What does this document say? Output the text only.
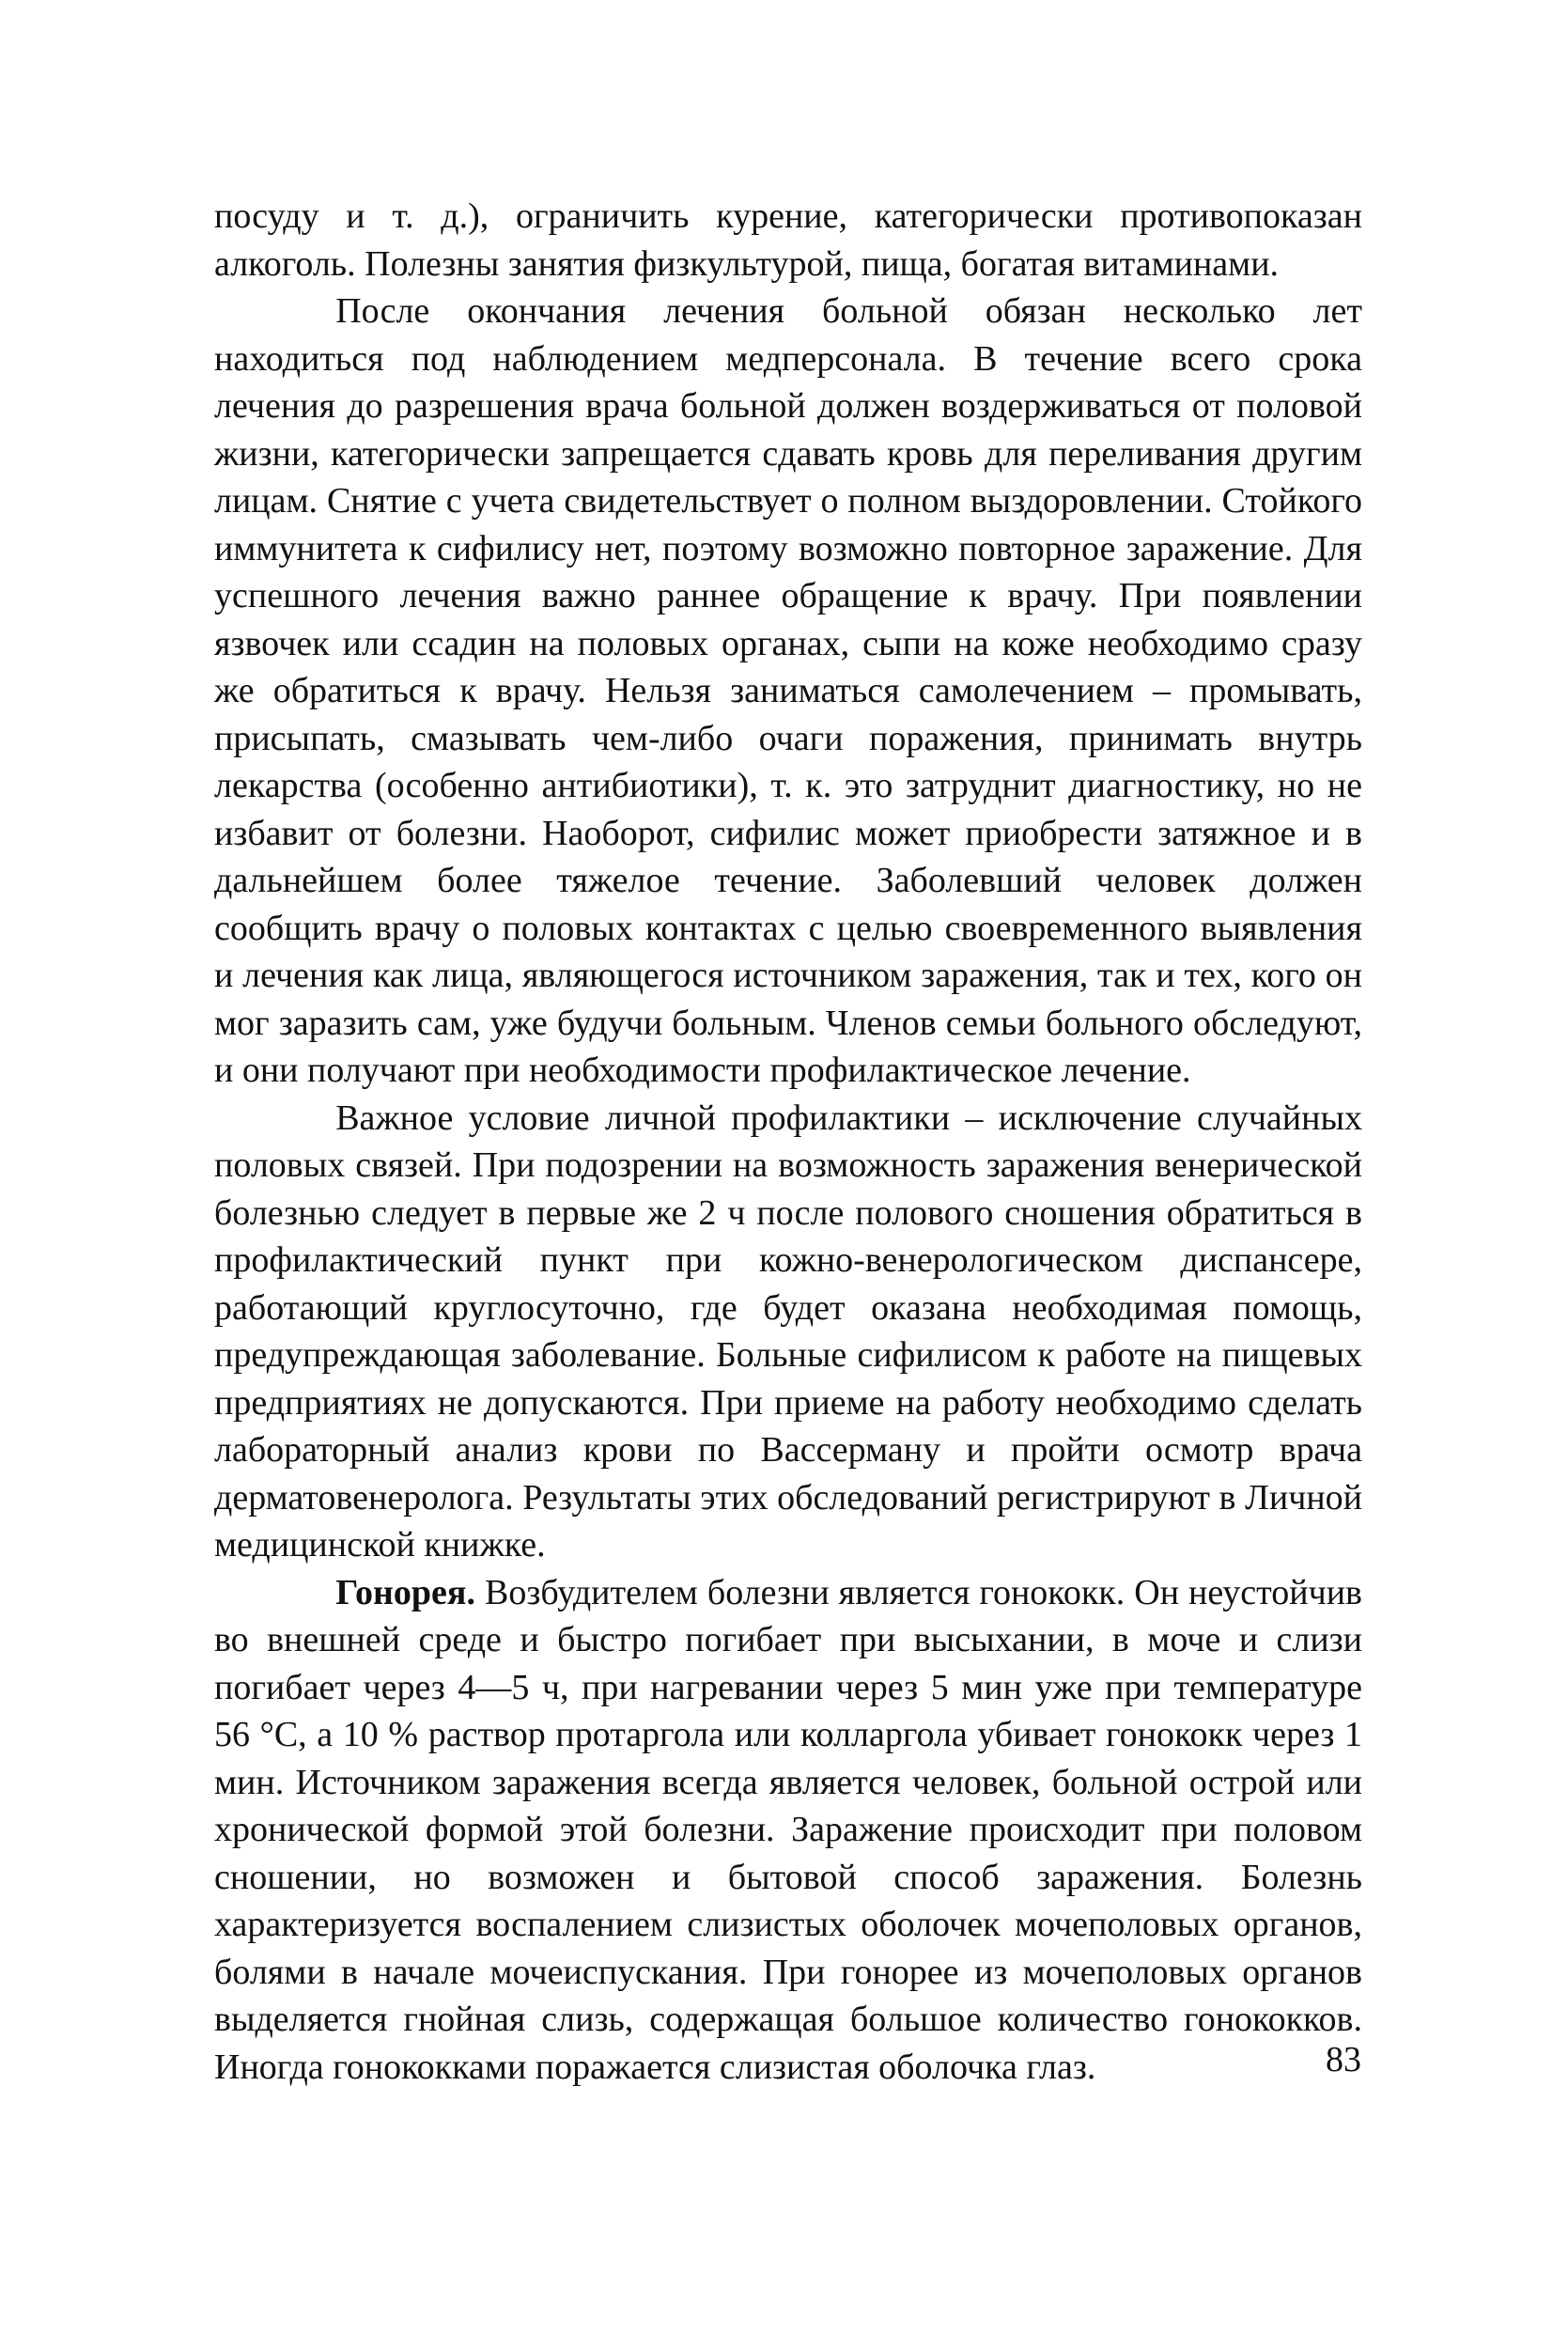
посуду и т. д.), ограничить курение, категорически противопоказан алкоголь. Полезны занятия физкультурой, пища, богатая витаминами.

После окончания лечения больной обязан несколько лет находиться под наблюдением медперсонала. В течение всего срока лечения до разрешения врача больной должен воздерживаться от половой жизни, категорически запрещается сдавать кровь для переливания другим лицам. Снятие с учета свидетельствует о полном выздоровлении. Стойкого иммунитета к сифилису нет, поэтому возможно повторное заражение. Для успешного лечения важно раннее обращение к врачу. При появлении язвочек или ссадин на половых органах, сыпи на коже необходимо сразу же обратиться к врачу. Нельзя заниматься самолечением – промывать, присыпать, смазывать чем-либо очаги поражения, принимать внутрь лекарства (особенно антибиотики), т. к. это затруднит диагностику, но не избавит от болезни. Наоборот, сифилис может приобрести затяжное и в дальнейшем более тяжелое течение. Заболевший человек должен сообщить врачу о половых контактах с целью своевременного выявления и лечения как лица, являющегося источником заражения, так и тех, кого он мог заразить сам, уже будучи больным. Членов семьи больного обследуют, и они получают при необходимости профилактическое лечение.

Важное условие личной профилактики – исключение случайных половых связей. При подозрении на возможность заражения венерической болезнью следует в первые же 2 ч после полового сношения обратиться в профилактический пункт при кожно-венерологическом диспансере, работающий круглосуточно, где будет оказана необходимая помощь, предупреждающая заболевание. Больные сифилисом к работе на пищевых предприятиях не допускаются. При приеме на работу необходимо сделать лабораторный анализ крови по Вассерману и пройти осмотр врача дерматовенеролога. Результаты этих обследований регистрируют в Личной медицинской книжке.

Гонорея. Возбудителем болезни является гонококк. Он неустойчив во внешней среде и быстро погибает при высыхании, в моче и слизи погибает через 4—5 ч, при нагревании через 5 мин уже при температуре 56 °С, а 10 % раствор протаргола или колларгола убивает гонококк через 1 мин. Источником заражения всегда является человек, больной острой или хронической формой этой болезни. Заражение происходит при половом сношении, но возможен и бытовой способ заражения. Болезнь характеризуется воспалением слизистых оболочек мочеполовых органов, болями в начале мочеиспускания. При гонорее из мочеполовых органов выделяется гнойная слизь, содержащая большое количество гонококков. Иногда гонококками поражается слизистая оболочка глаз.	83
